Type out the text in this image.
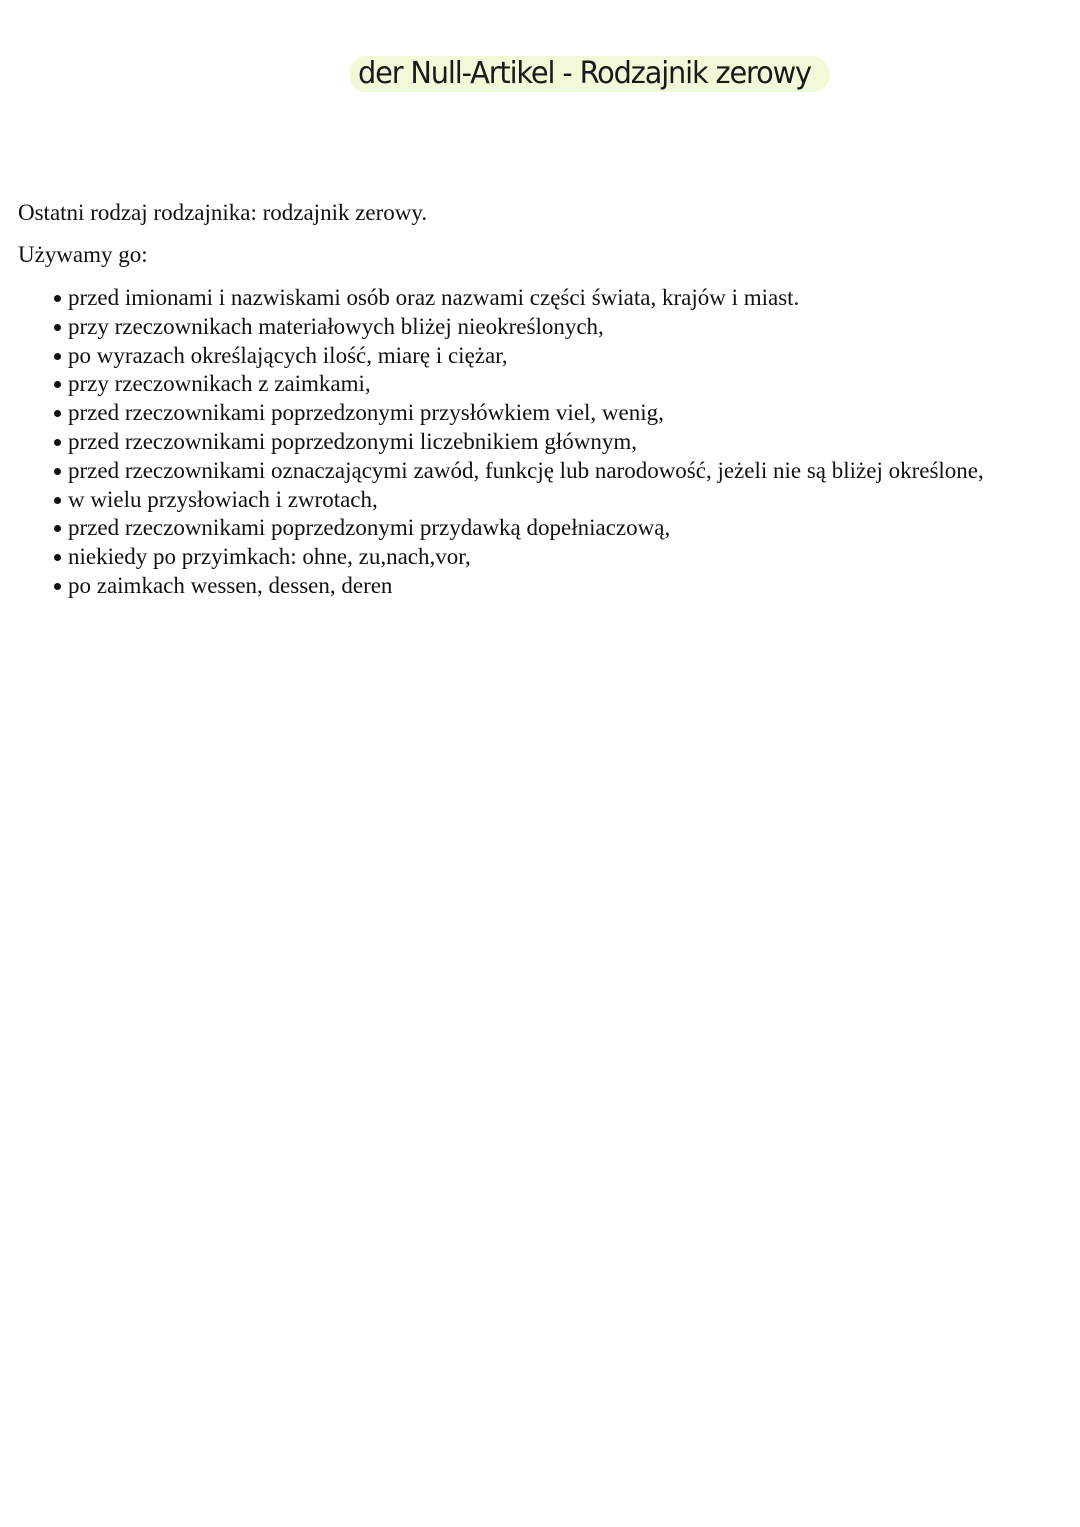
der Null-Artikel - Rodzajnik zerowy
Ostatni rodzaj rodzajnika: rodzajnik zerowy.
Używamy go:
przed imionami i nazwiskami osób oraz nazwami części świata, krajów i miast.
przy rzeczownikach materiałowych bliżej nieokreślonych,
po wyrazach określających ilość, miarę i ciężar,
przy rzeczownikach z zaimkami,
przed rzeczownikami poprzedzonymi przysłówkiem viel, wenig,
przed rzeczownikami poprzedzonymi liczebnikiem głównym,
przed rzeczownikami oznaczającymi zawód, funkcję lub narodowość, jeżeli nie są bliżej określone,
w wielu przysłowiach i zwrotach,
przed rzeczownikami poprzedzonymi przydawką dopełniaczową,
niekiedy po przyimkach: ohne, zu,nach,vor,
po zaimkach wessen, dessen, deren
